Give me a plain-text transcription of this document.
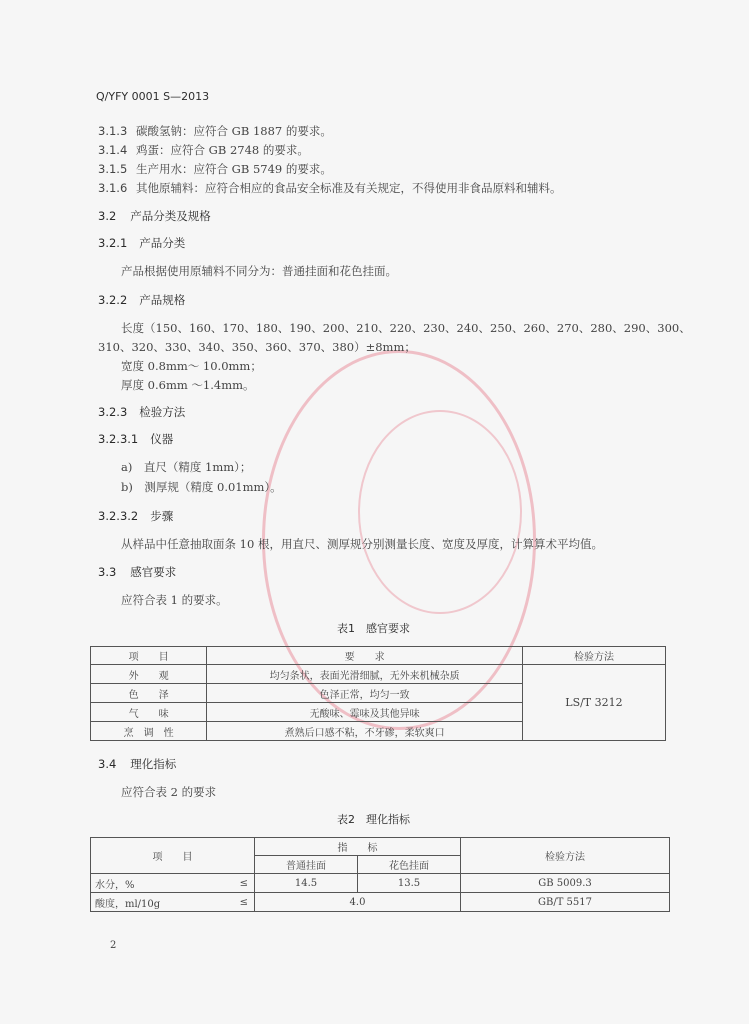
Q/YFY 0001 S—2013
3.1.3 碳酸氢钠：应符合 GB 1887 的要求。
3.1.4 鸡蛋：应符合 GB 2748 的要求。
3.1.5 生产用水：应符合 GB 5749 的要求。
3.1.6 其他原辅料：应符合相应的食品安全标准及有关规定，不得使用非食品原料和辅料。
3.2 产品分类及规格
3.2.1 产品分类
产品根据使用原辅料不同分为：普通挂面和花色挂面。
3.2.2 产品规格
长度（150、160、170、180、190、200、210、220、230、240、250、260、270、280、290、300、
310、320、330、340、350、360、370、380）±8mm；
宽度 0.8mm～ 10.0mm；
厚度 0.6mm ～1.4mm。
3.2.3 检验方法
3.2.3.1 仪器
a)　直尺（精度 1mm）；
b)　测厚规（精度 0.01mm）。
3.2.3.2 步骤
从样品中任意抽取面条 10 根，用直尺、测厚规分别测量长度、宽度及厚度，计算算术平均值。
3.3 感官要求
应符合表 1 的要求。
表1　感官要求
项　　目	要　　求	检验方法
外　　观	均匀条状，表面光滑细腻，无外来机械杂质	LS/T 3212
色　　泽	色泽正常，均匀一致	
气　　味	无酸味、霉味及其他异味	
烹　调　性	煮熟后口感不粘，不牙碜，柔软爽口	
3.4 理化指标
应符合表 2 的要求
表2　理化指标
项　　目		指　　标		检验方法
		普通挂面	花色挂面	
水分，%	≤	14.5	13.5	GB 5009.3
酸度，ml/10g	≤	4.0		GB/T 5517
2
